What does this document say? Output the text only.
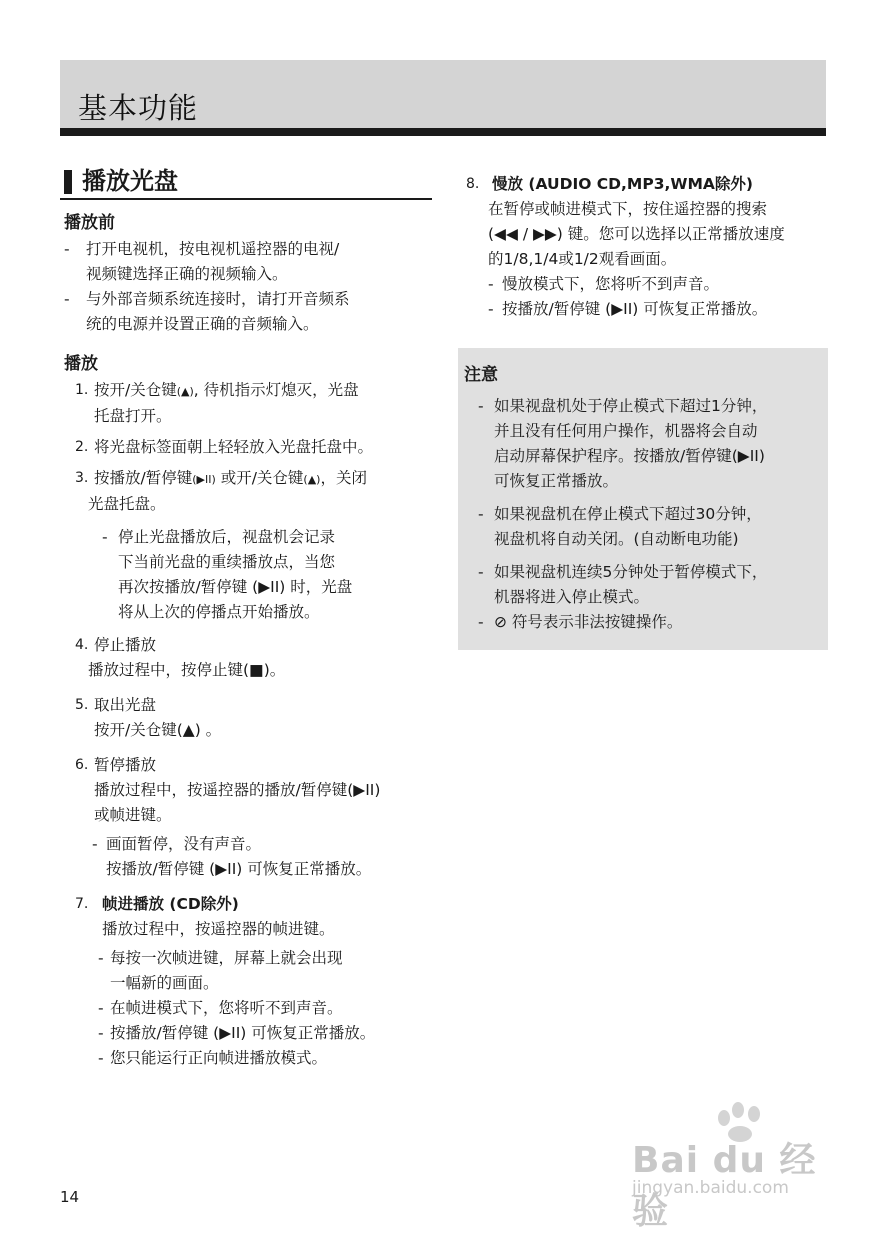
基本功能
播放光盘
播放前
- 打开电视机，按电视机遥控器的电视/
视频键选择正确的视频输入。
- 与外部音频系统连接时，请打开音频系
统的电源并设置正确的音频输入。
播放
1. 按开/关仓键(▲), 待机指示灯熄灭，光盘
托盘打开。
2. 将光盘标签面朝上轻轻放入光盘托盘中。
3. 按播放/暂停键(▶II) 或开/关仓键(▲)，关闭
光盘托盘。
- 停止光盘播放后，视盘机会记录
下当前光盘的重续播放点，当您
再次按播放/暂停键 (▶II) 时，光盘
将从上次的停播点开始播放。
4. 停止播放
播放过程中，按停止键(■)。
5. 取出光盘
按开/关仓键(▲) 。
6. 暂停播放
播放过程中，按遥控器的播放/暂停键(▶II)
或帧进键。
- 画面暂停，没有声音。
按播放/暂停键 (▶II) 可恢复正常播放。
7. 帧进播放 (CD除外)
播放过程中，按遥控器的帧进键。
- 每按一次帧进键，屏幕上就会出现
一幅新的画面。
- 在帧进模式下，您将听不到声音。
- 按播放/暂停键 (▶II) 可恢复正常播放。
- 您只能运行正向帧进播放模式。
8. 慢放 (AUDIO CD,MP3,WMA除外)
在暂停或帧进模式下，按住遥控器的搜索
(◀◀ / ▶▶) 键。您可以选择以正常播放速度
的1/8,1/4或1/2观看画面。
- 慢放模式下，您将听不到声音。
- 按播放/暂停键 (▶II) 可恢复正常播放。
注意
- 如果视盘机处于停止模式下超过1分钟，
并且没有任何用户操作，机器将会自动
启动屏幕保护程序。按播放/暂停键(▶II)
可恢复正常播放。
- 如果视盘机在停止模式下超过30分钟，
视盘机将自动关闭。(自动断电功能)
- 如果视盘机连续5分钟处于暂停模式下，
机器将进入停止模式。
- ⊘ 符号表示非法按键操作。
14
Bai du 经验
jingyan.baidu.com
